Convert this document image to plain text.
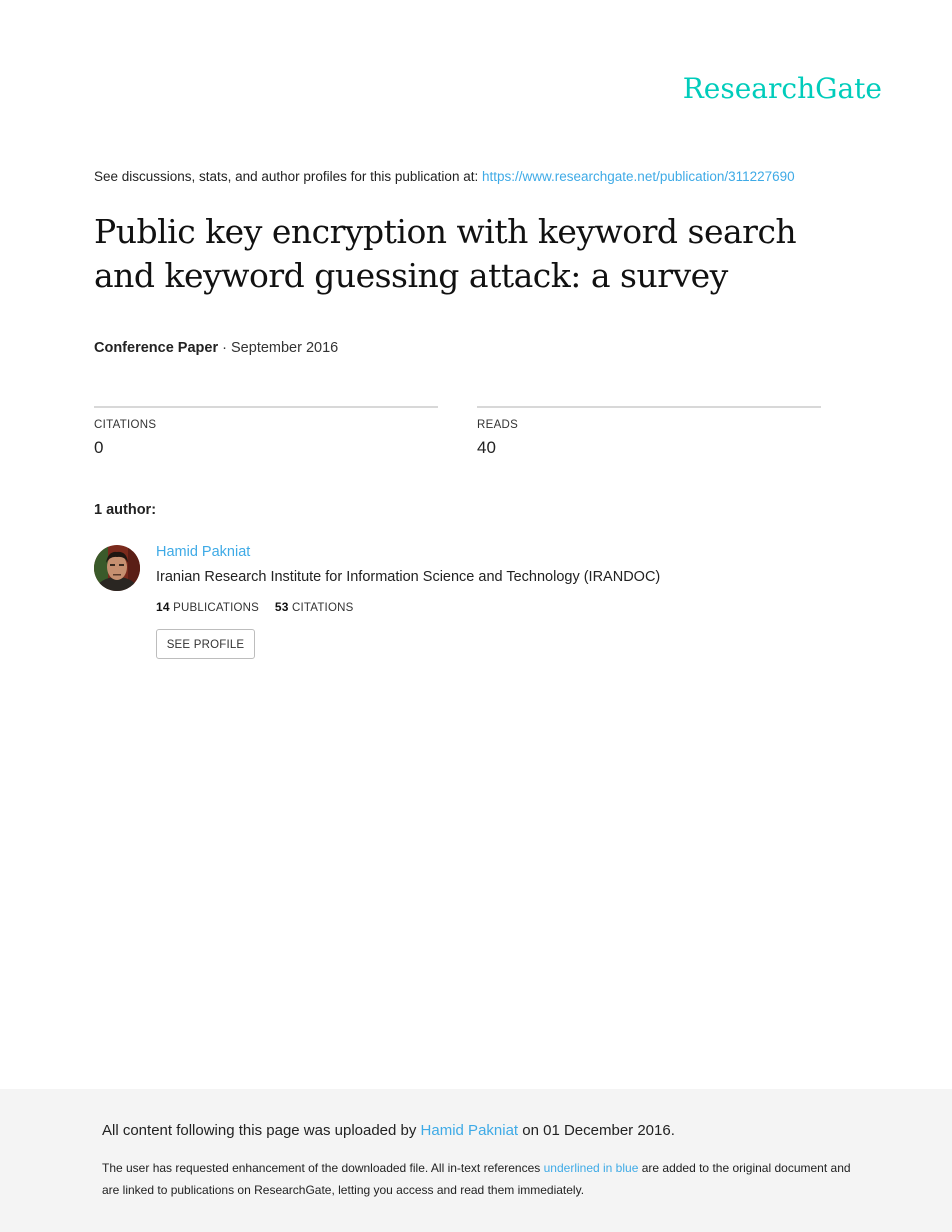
ResearchGate
See discussions, stats, and author profiles for this publication at: https://www.researchgate.net/publication/311227690
Public key encryption with keyword search and keyword guessing attack: a survey
Conference Paper · September 2016
CITATIONS
0
READS
40
1 author:
Hamid Pakniat
Iranian Research Institute for Information Science and Technology (IRANDOC)
14 PUBLICATIONS 53 CITATIONS
SEE PROFILE
All content following this page was uploaded by Hamid Pakniat on 01 December 2016.
The user has requested enhancement of the downloaded file. All in-text references underlined in blue are added to the original document and are linked to publications on ResearchGate, letting you access and read them immediately.
